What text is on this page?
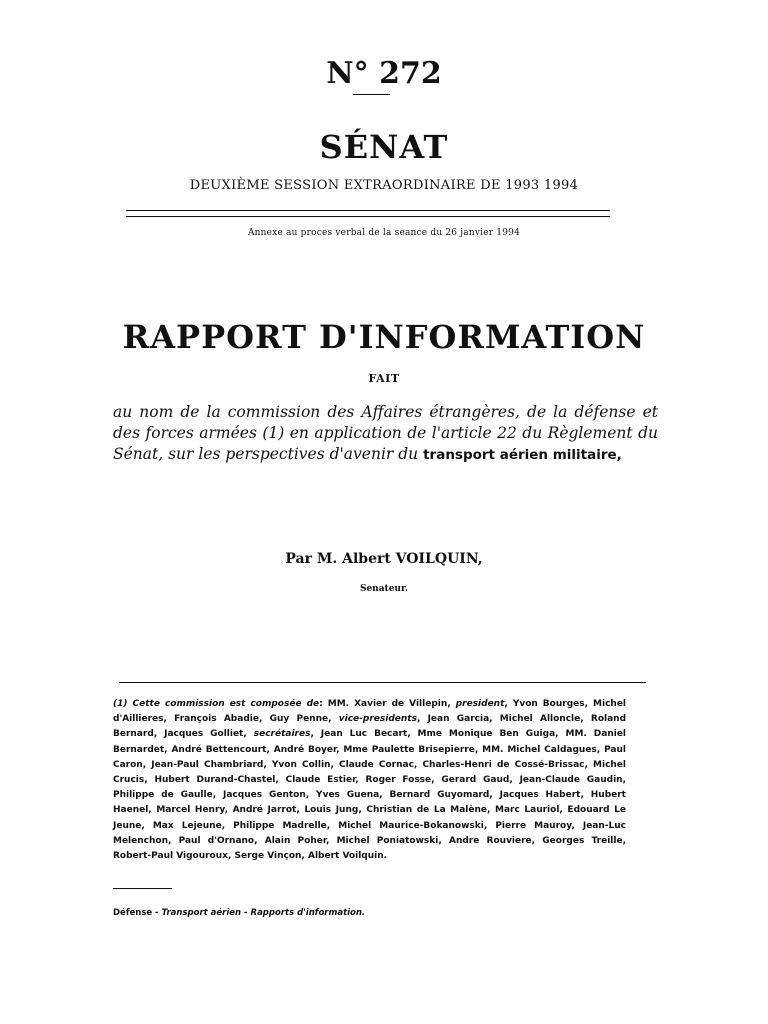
N° 272
SÉNAT
DEUXIÈME SESSION EXTRAORDINAIRE DE 1993 1994
Annexe au proces verbal de la seance du 26 janvier 1994
RAPPORT D'INFORMATION
FAIT
au nom de la commission des Affaires étrangères, de la défense et des forces armées (1) en application de l'article 22 du Règlement du Sénat, sur les perspectives d'avenir du transport aérien militaire,
Par M. Albert VOILQUIN,
Senateur.
(1) Cette commission est composée de: MM. Xavier de Villepin, president, Yvon Bourges, Michel d'Aillieres, François Abadie, Guy Penne, vice-presidents, Jean Garcia, Michel Alloncle, Roland Bernard, Jacques Golliet, secrétaires, Jean Luc Becart, Mme Monique Ben Guiga, MM. Daniel Bernardet, André Bettencourt, André Boyer, Mme Paulette Brisepierre, MM. Michel Caldagues, Paul Caron, Jean-Paul Chambriard, Yvon Collin, Claude Cornac, Charles-Henri de Cossé-Brissac, Michel Crucis, Hubert Durand-Chastel, Claude Estier, Roger Fosse, Gerard Gaud, Jean-Claude Gaudin, Philippe de Gaulle, Jacques Genton, Yves Guena, Bernard Guyomard, Jacques Habert, Hubert Haenel, Marcel Henry, André Jarrot, Louis Jung, Christian de La Malène, Marc Lauriol, Edouard Le Jeune, Max Lejeune, Philippe Madrelle, Michel Maurice-Bokanowski, Pierre Mauroy, Jean-Luc Melenchon, Paul d'Ornano, Alain Poher, Michel Poniatowski, Andre Rouviere, Georges Treille, Robert-Paul Vigouroux, Serge Vinçon, Albert Voilquin.
Défense - Transport aérien - Rapports d'information.
